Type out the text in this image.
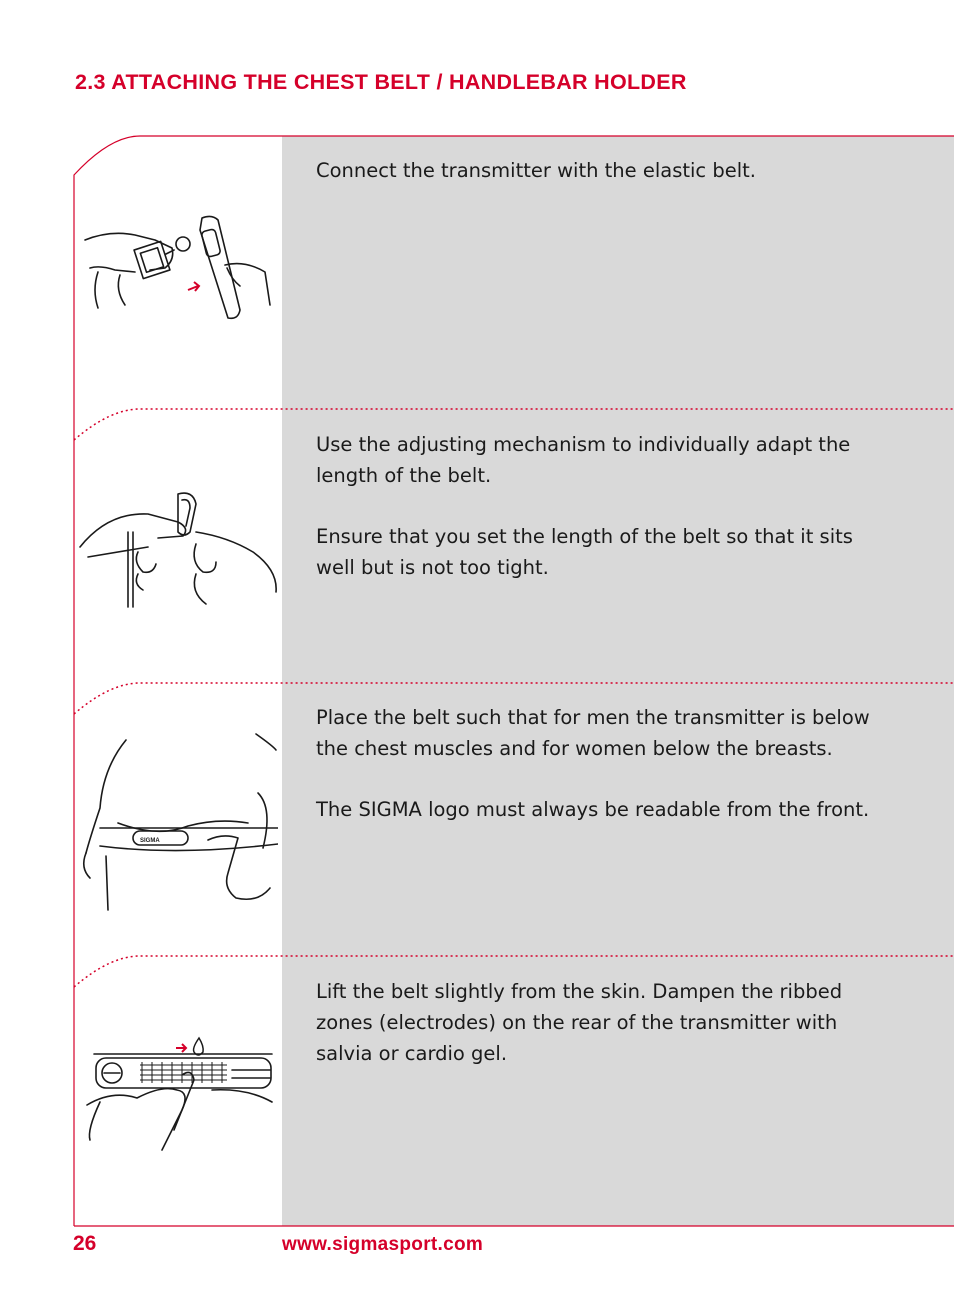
2.3 ATTACHING THE CHEST BELT / HANDLEBAR HOLDER

Connect the transmitter with the elastic belt.

Use the adjusting mechanism to individually adapt the length of the belt.

Ensure that you set the length of the belt so that it sits well but is not too tight.

Place the belt such that for men the transmitter is below the chest muscles and for women below the breasts.

The SIGMA logo must always be readable from the front.

SIGMA

Lift the belt slightly from the skin. Dampen the ribbed zones (electrodes) on the rear of the transmitter with salvia or cardio gel.

26	www.sigmasport.com
